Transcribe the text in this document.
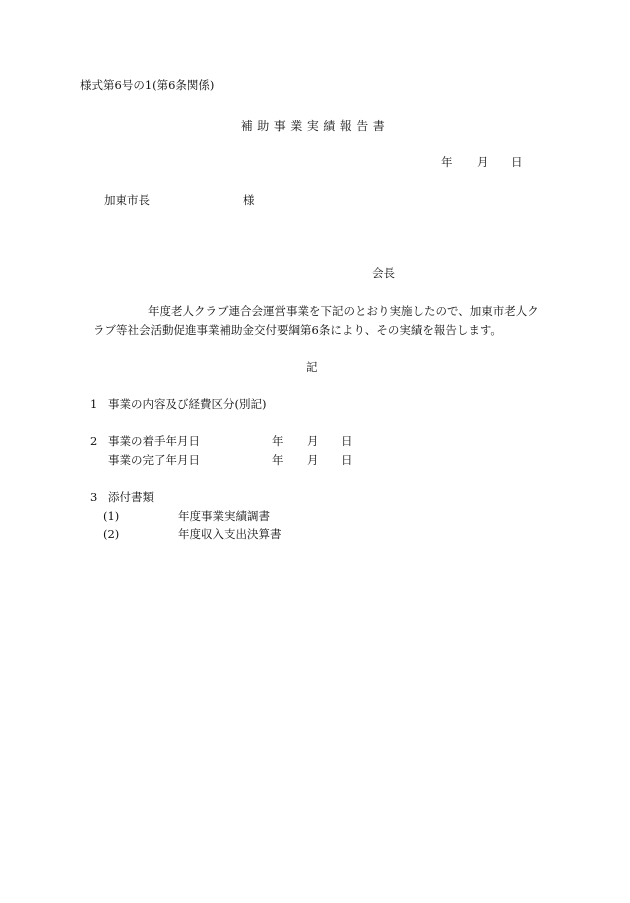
様式第6号の1(第6条関係)
補助事業実績報告書
年 月 日
加東市長	様
会長
年度老人クラブ連合会運営事業を下記のとおり実施したので、加東市老人ク
ラブ等社会活動促進事業補助金交付要綱第6条により、その実績を報告します。
記
1 事業の内容及び経費区分(別記)
2 事業の着手年月日	年 月 日
事業の完了年月日	年 月 日
3 添付書類
(1)	年度事業実績調書
(2)	年度収入支出決算書
